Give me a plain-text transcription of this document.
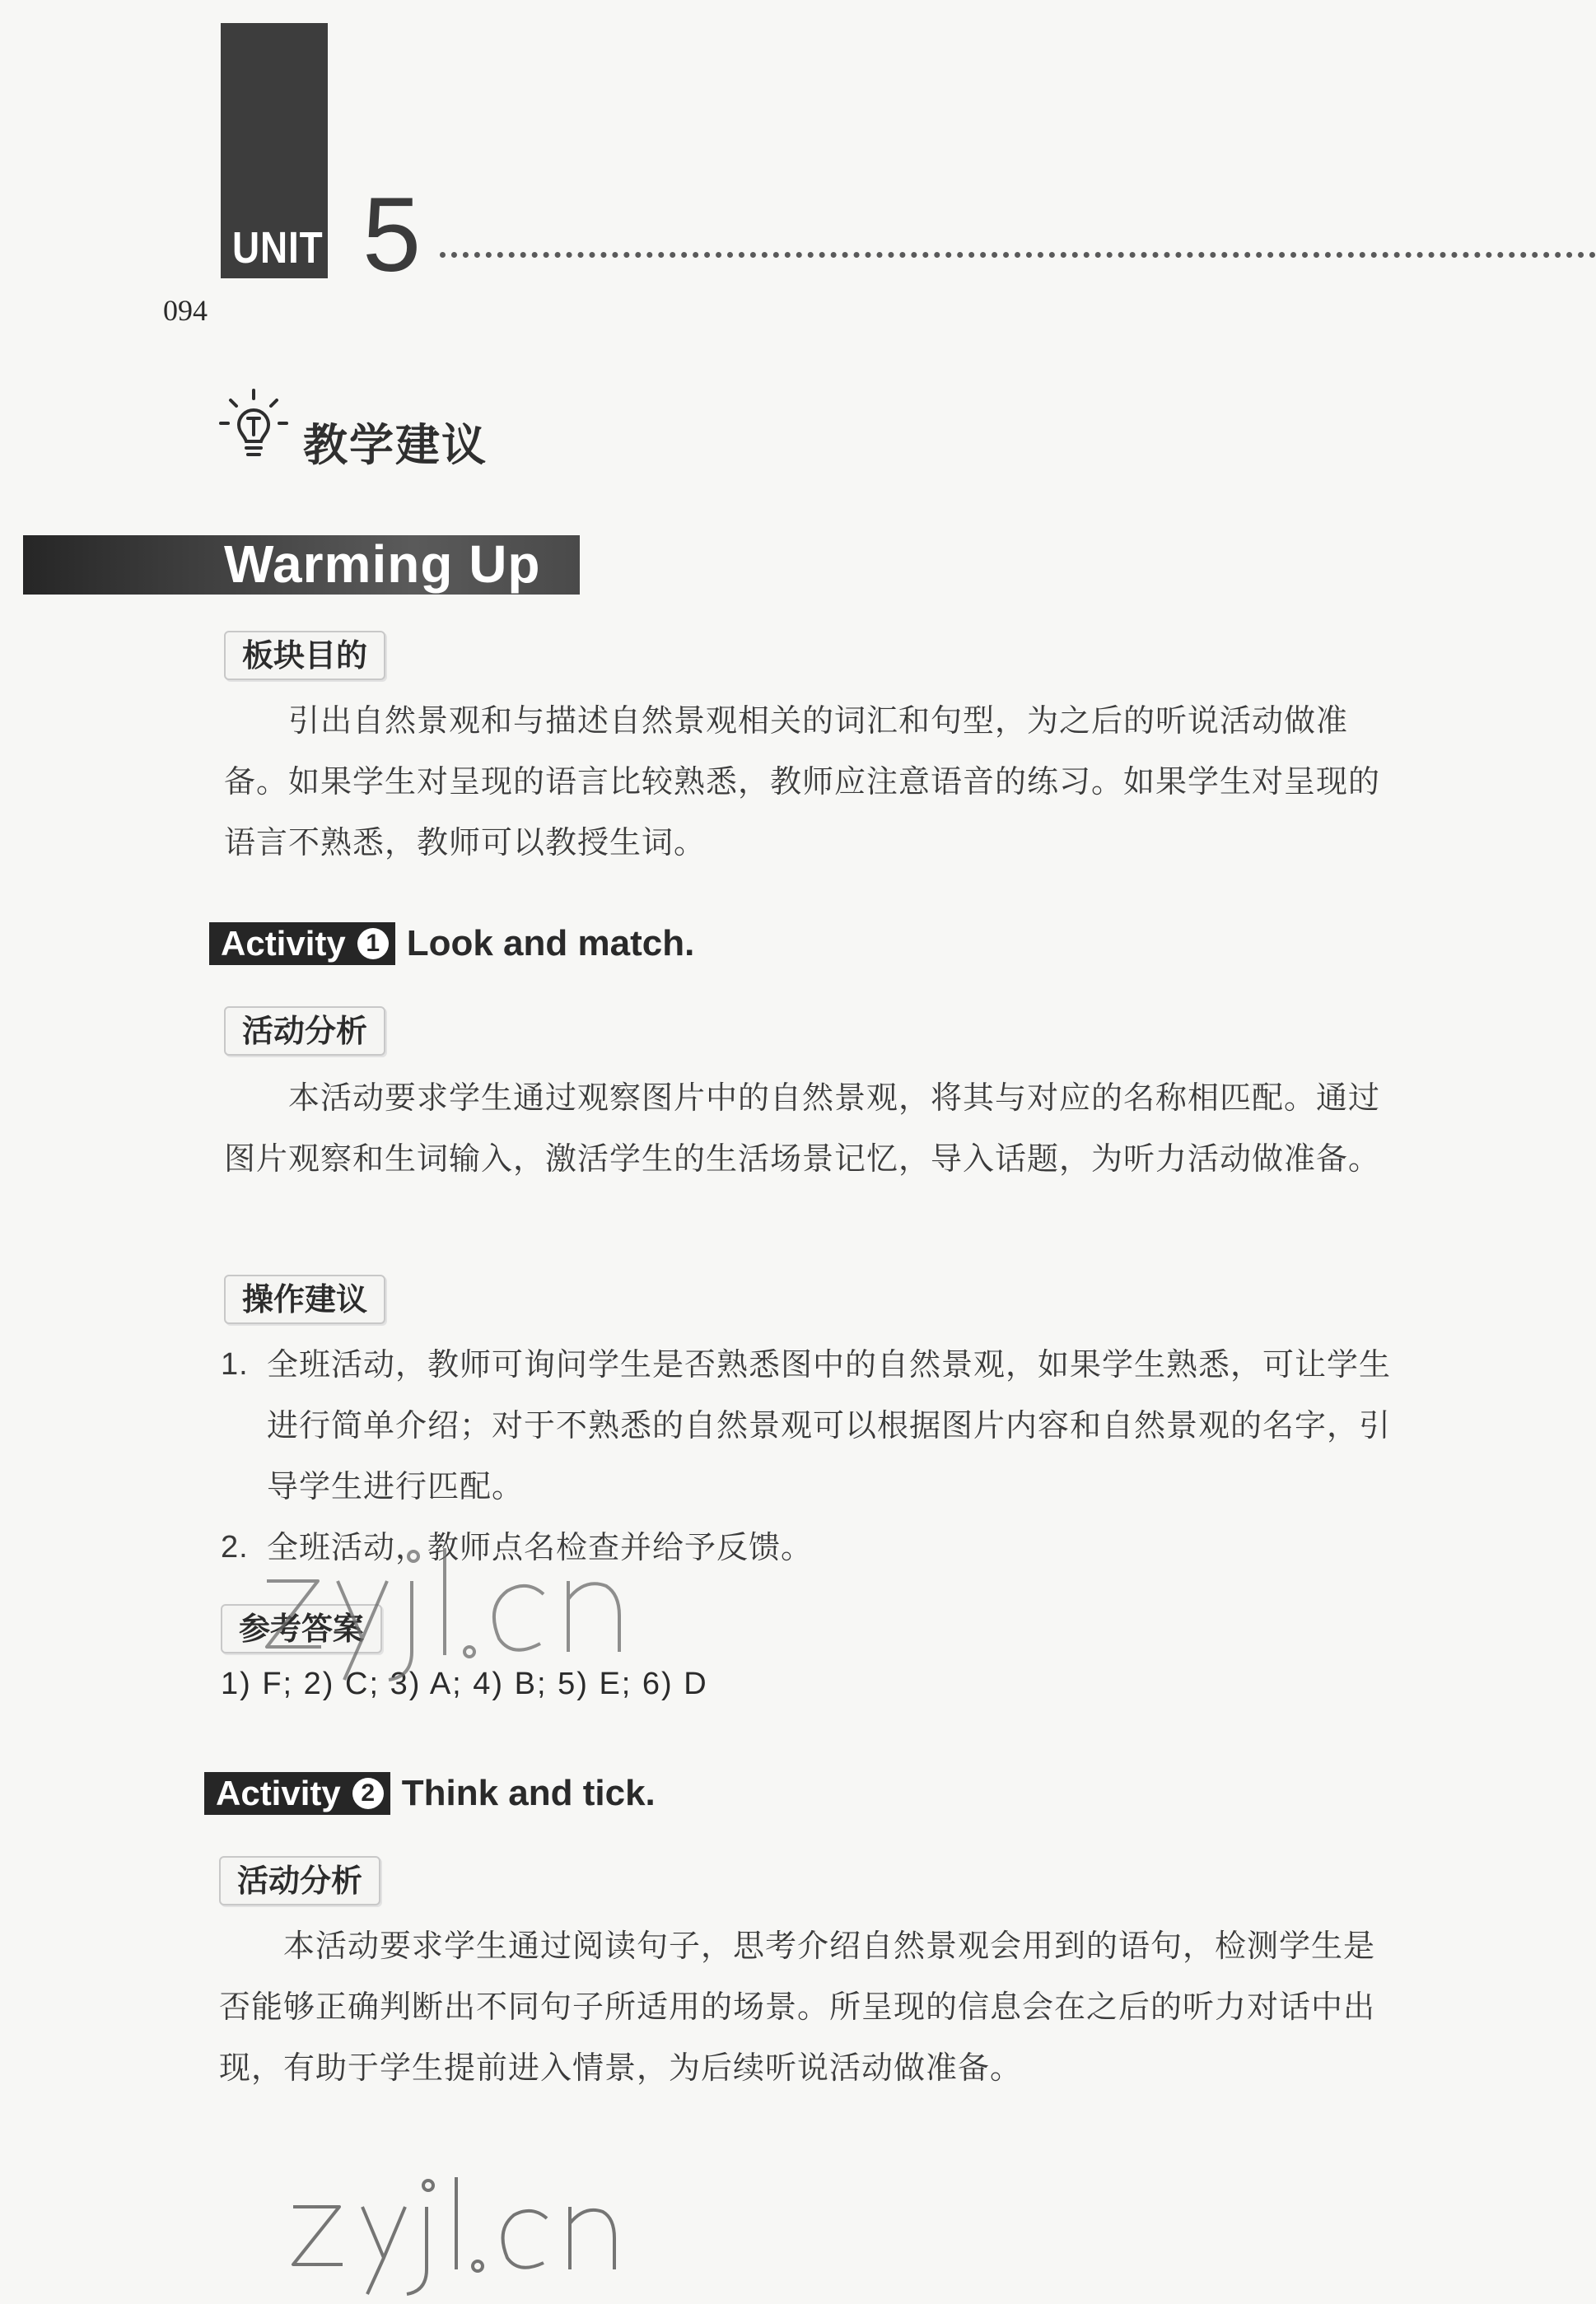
UNIT 5
094
教学建议
Warming Up
板块目的
引出自然景观和与描述自然景观相关的词汇和句型，为之后的听说活动做准备。如果学生对呈现的语言比较熟悉，教师应注意语音的练习。如果学生对呈现的语言不熟悉，教师可以教授生词。
Activity 1 Look and match.
活动分析
本活动要求学生通过观察图片中的自然景观，将其与对应的名称相匹配。通过图片观察和生词输入，激活学生的生活场景记忆，导入话题，为听力活动做准备。
操作建议
1. 全班活动，教师可询问学生是否熟悉图中的自然景观，如果学生熟悉，可让学生进行简单介绍；对于不熟悉的自然景观可以根据图片内容和自然景观的名字，引导学生进行匹配。
2. 全班活动，教师点名检查并给予反馈。
参考答案
1) F; 2) C; 3) A; 4) B; 5) E; 6) D
Activity 2 Think and tick.
活动分析
本活动要求学生通过阅读句子，思考介绍自然景观会用到的语句，检测学生是否能够正确判断出不同句子所适用的场景。所呈现的信息会在之后的听力对话中出现，有助于学生提前进入情景，为后续听说活动做准备。
